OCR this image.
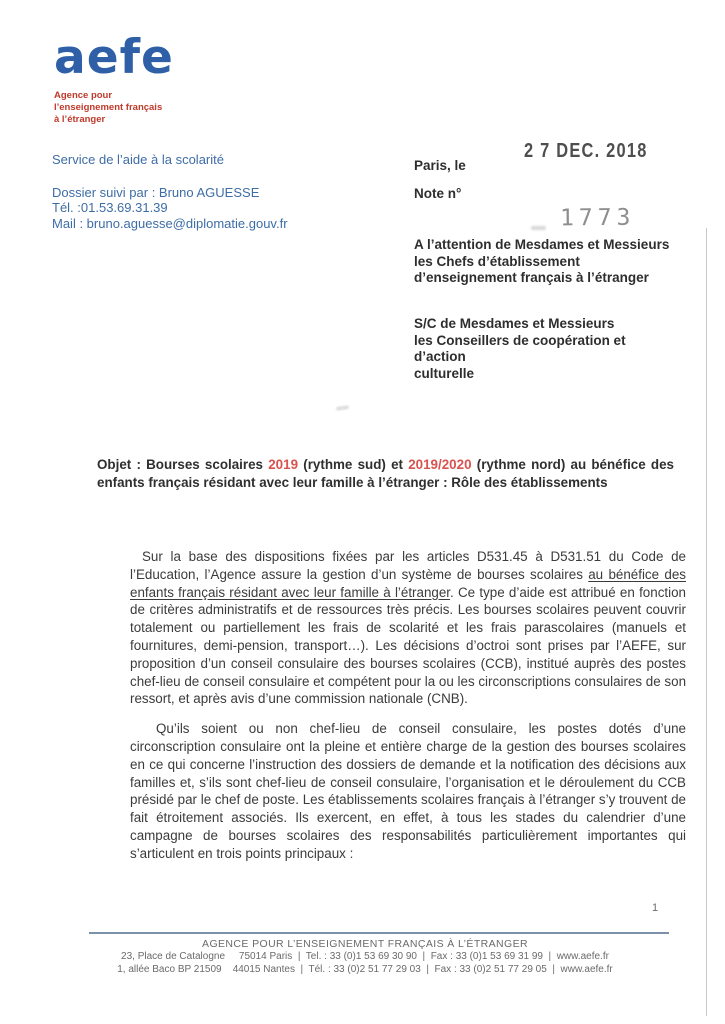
aefe
Agence pour
l’enseignement français
à l’étranger
Service de l’aide à la scolarité
Dossier suivi par : Bruno AGUESSE
Tél. :01.53.69.31.39
Mail : bruno.aguesse@diplomatie.gouv.fr
Paris, le
Note n°
A l’attention de Mesdames et Messieurs
les Chefs d’établissement
d’enseignement français à l’étranger
S/C de Mesdames et Messieurs
les Conseillers de coopération et
d’action
culturelle
2 7 DEC. 2018
1773
Objet : Bourses scolaires 2019 (rythme sud) et 2019/2020 (rythme nord) au bénéfice des enfants français résidant avec leur famille à l’étranger : Rôle des établissements

Sur la base des dispositions fixées par les articles D531.45 à D531.51 du Code de l’Education, l’Agence assure la gestion d’un système de bourses scolaires au bénéfice des enfants français résidant avec leur famille à l’étranger. Ce type d’aide est attribué en fonction de critères administratifs et de ressources très précis. Les bourses scolaires peuvent couvrir totalement ou partiellement les frais de scolarité et les frais parascolaires (manuels et fournitures, demi-pension, transport…). Les décisions d’octroi sont prises par l’AEFE, sur proposition d’un conseil consulaire des bourses scolaires (CCB), institué auprès des postes chef-lieu de conseil consulaire et compétent pour la ou les circonscriptions consulaires de son ressort, et après avis d’une commission nationale (CNB).

Qu’ils soient ou non chef-lieu de conseil consulaire, les postes dotés d’une circonscription consulaire ont la pleine et entière charge de la gestion des bourses scolaires en ce qui concerne l’instruction des dossiers de demande et la notification des décisions aux familles et, s’ils sont chef-lieu de conseil consulaire, l’organisation et le déroulement du CCB présidé par le chef de poste. Les établissements scolaires français à l’étranger s’y trouvent de fait étroitement associés. Ils exercent, en effet, à tous les stades du calendrier d’une campagne de bourses scolaires des responsabilités particulièrement importantes qui s’articulent en trois points principaux :

1
AGENCE POUR L’ENSEIGNEMENT FRANÇAIS À L’ÉTRANGER
23, Place de Catalogne     75014 Paris  |  Tel. : 33 (0)1 53 69 30 90  |  Fax : 33 (0)1 53 69 31 99  |  www.aefe.fr
1, allée Baco BP 21509    44015 Nantes  |  Tél. : 33 (0)2 51 77 29 03  |  Fax : 33 (0)2 51 77 29 05  |  www.aefe.fr
